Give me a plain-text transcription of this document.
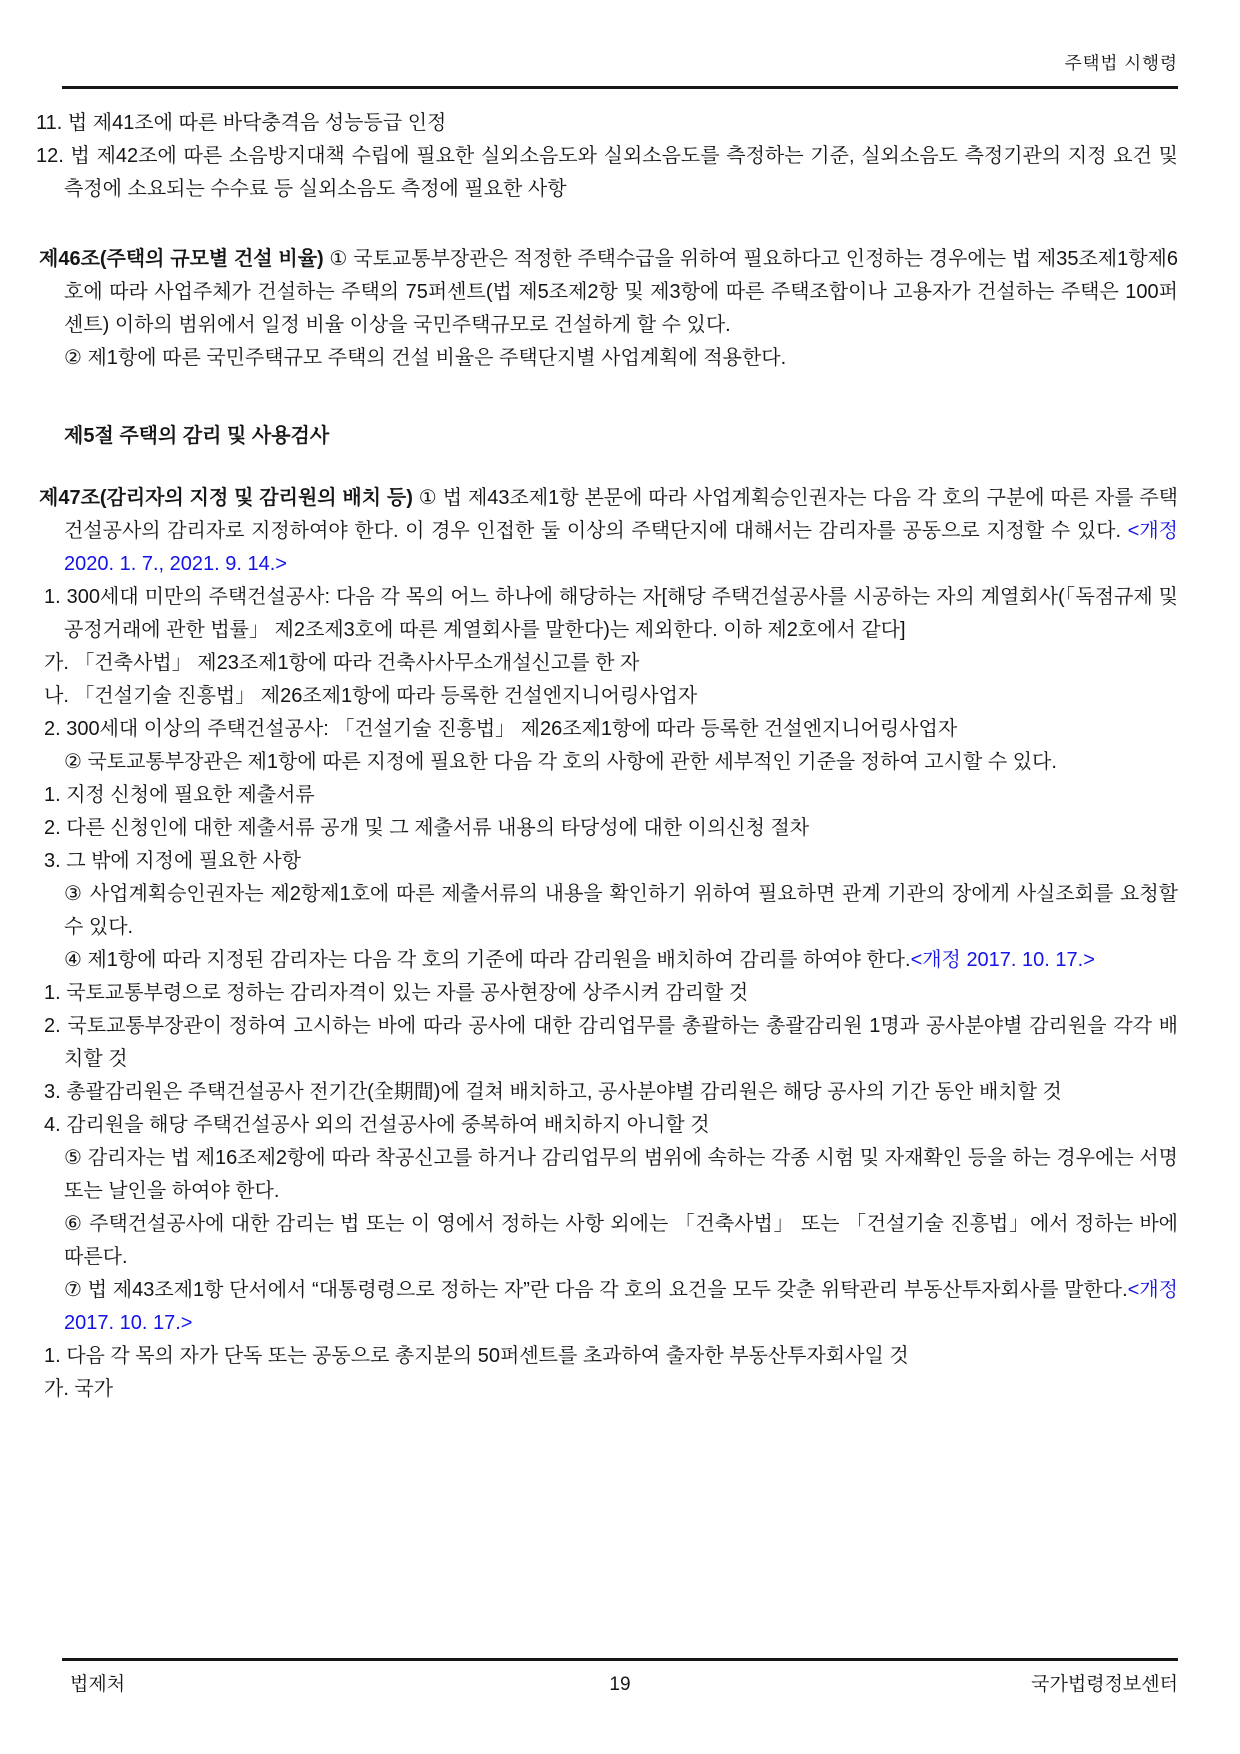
주택법 시행령

11. 법 제41조에 따른 바닥충격음 성능등급 인정

12. 법 제42조에 따른 소음방지대책 수립에 필요한 실외소음도와 실외소음도를 측정하는 기준, 실외소음도 측정기관의 지정 요건 및 측정에 소요되는 수수료 등 실외소음도 측정에 필요한 사항

제46조(주택의 규모별 건설 비율) ① 국토교통부장관은 적정한 주택수급을 위하여 필요하다고 인정하는 경우에는 법 제35조제1항제6호에 따라 사업주체가 건설하는 주택의 75퍼센트(법 제5조제2항 및 제3항에 따른 주택조합이나 고용자가 건설하는 주택은 100퍼센트) 이하의 범위에서 일정 비율 이상을 국민주택규모로 건설하게 할 수 있다.

② 제1항에 따른 국민주택규모 주택의 건설 비율은 주택단지별 사업계획에 적용한다.

제5절 주택의 감리 및 사용검사

제47조(감리자의 지정 및 감리원의 배치 등) ① 법 제43조제1항 본문에 따라 사업계획승인권자는 다음 각 호의 구분에 따른 자를 주택건설공사의 감리자로 지정하여야 한다. 이 경우 인접한 둘 이상의 주택단지에 대해서는 감리자를 공동으로 지정할 수 있다. <개정 2020. 1. 7., 2021. 9. 14.>

1. 300세대 미만의 주택건설공사: 다음 각 목의 어느 하나에 해당하는 자[해당 주택건설공사를 시공하는 자의 계열회사(「독점규제 및 공정거래에 관한 법률」 제2조제3호에 따른 계열회사를 말한다)는 제외한다. 이하 제2호에서 같다]

가. 「건축사법」 제23조제1항에 따라 건축사사무소개설신고를 한 자

나. 「건설기술 진흥법」 제26조제1항에 따라 등록한 건설엔지니어링사업자

2. 300세대 이상의 주택건설공사: 「건설기술 진흥법」 제26조제1항에 따라 등록한 건설엔지니어링사업자

② 국토교통부장관은 제1항에 따른 지정에 필요한 다음 각 호의 사항에 관한 세부적인 기준을 정하여 고시할 수 있다.

1. 지정 신청에 필요한 제출서류

2. 다른 신청인에 대한 제출서류 공개 및 그 제출서류 내용의 타당성에 대한 이의신청 절차

3. 그 밖에 지정에 필요한 사항

③ 사업계획승인권자는 제2항제1호에 따른 제출서류의 내용을 확인하기 위하여 필요하면 관계 기관의 장에게 사실조회를 요청할 수 있다.

④ 제1항에 따라 지정된 감리자는 다음 각 호의 기준에 따라 감리원을 배치하여 감리를 하여야 한다.<개정 2017. 10. 17.>

1. 국토교통부령으로 정하는 감리자격이 있는 자를 공사현장에 상주시켜 감리할 것

2. 국토교통부장관이 정하여 고시하는 바에 따라 공사에 대한 감리업무를 총괄하는 총괄감리원 1명과 공사분야별 감리원을 각각 배치할 것

3. 총괄감리원은 주택건설공사 전기간(全期間)에 걸쳐 배치하고, 공사분야별 감리원은 해당 공사의 기간 동안 배치할 것

4. 감리원을 해당 주택건설공사 외의 건설공사에 중복하여 배치하지 아니할 것

⑤ 감리자는 법 제16조제2항에 따라 착공신고를 하거나 감리업무의 범위에 속하는 각종 시험 및 자재확인 등을 하는 경우에는 서명 또는 날인을 하여야 한다.

⑥ 주택건설공사에 대한 감리는 법 또는 이 영에서 정하는 사항 외에는 「건축사법」 또는 「건설기술 진흥법」에서 정하는 바에 따른다.

⑦ 법 제43조제1항 단서에서 “대통령령으로 정하는 자”란 다음 각 호의 요건을 모두 갖춘 위탁관리 부동산투자회사를 말한다.<개정 2017. 10. 17.>

1. 다음 각 목의 자가 단독 또는 공동으로 총지분의 50퍼센트를 초과하여 출자한 부동산투자회사일 것

가. 국가

법제처	19	국가법령정보센터
